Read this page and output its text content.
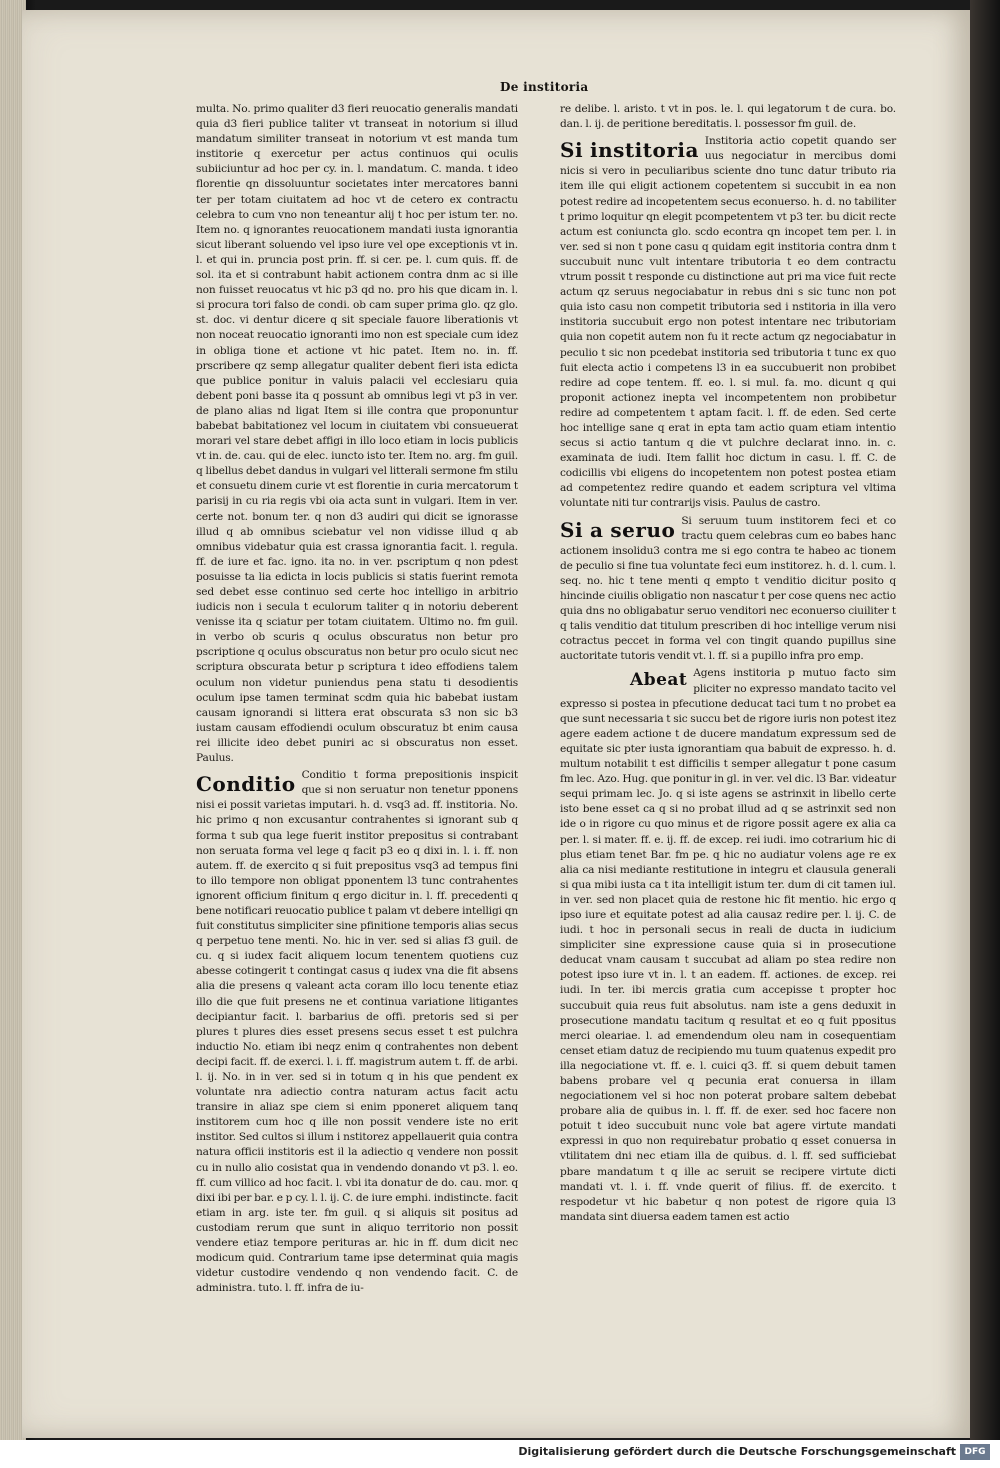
De institoria

multa. No. primo qualiter d3 fieri reuocatio generalis mandati quia d3 fieri publice taliter vt transeat in notorium si illud mandatum similiter transeat in notorium vt est manda tum institorie q exercetur per actus continuos qui oculis subiiciuntur ad hoc per cy. in. l. mandatum. C. manda. t ideo florentie qn dissoluuntur societates inter mercatores banni ter per totam ciuitatem ad hoc vt de cetero ex contractu celebra to cum vno non teneantur alij t hoc per istum ter. no. Item no. q ignorantes reuocationem mandati iusta ignorantia sicut liberant soluendo vel ipso iure vel ope exceptionis vt in. l. et qui in. pruncia post prin. ff. si cer. pe. l. cum quis. ff. de sol. ita et si contrabunt habit actionem contra dnm ac si ille non fuisset reuocatus vt hic p3 qd no. pro his que dicam in. l. si procura tori falso de condi. ob cam super prima glo. qz glo. st. doc. vi dentur dicere q sit speciale fauore liberationis vt non noceat reuocatio ignoranti imo non est speciale cum idez in obliga tione et actione vt hic patet. Item no. in. ff. prscribere qz semp allegatur qualiter debent fieri ista edicta que publice ponitur in valuis palacii vel ecclesiaru quia debent poni basse ita q possunt ab omnibus legi vt p3 in ver. de plano alias nd ligat Item si ille contra que proponuntur babebat babitationez vel locum in ciuitatem vbi consueuerat morari vel stare debet affigi in illo loco etiam in locis publicis vt in. de. cau. qui de elec. iuncto isto ter. Item no. arg. fm guil. q libellus debet dandus in vulgari vel litterali sermone fm stilu et consuetu dinem curie vt est florentie in curia mercatorum t parisij in cu ria regis vbi oia acta sunt in vulgari. Item in ver. certe not. bonum ter. q non d3 audiri qui dicit se ignorasse illud q ab omnibus sciebatur vel non vidisse illud q ab omnibus videbatur quia est crassa ignorantia facit. l. regula. ff. de iure et fac. igno. ita no. in ver. pscriptum q non pdest posuisse ta lia edicta in locis publicis si statis fuerint remota sed debet esse continuo sed certe hoc intelligo in arbitrio iudicis non i secula t eculorum taliter q in notoriu deberent venisse ita q sciatur per totam ciuitatem. Ultimo no. fm guil. in verbo ob scuris q oculus obscuratus non betur pro pscriptione q oculus obscuratus non betur pro oculo sicut nec scriptura obscurata betur p scriptura t ideo effodiens talem oculum non videtur puniendus pena statu ti desodientis oculum ipse tamen terminat scdm quia hic babebat iustam causam ignorandi si littera erat obscurata s3 non sic b3 iustam causam effodiendi oculum obscuratuz bt enim causa rei illicite ideo debet puniri ac si obscuratus non esset. Paulus.

Conditio Conditio t forma prepositionis inspicit que si non seruatur non tenetur pponens nisi ei possit varietas imputari. h. d. vsq3 ad. ff. institoria. No. hic primo q non excusantur contrahentes si ignorant sub q forma t sub qua lege fuerit institor prepositus si contrabant non seruata forma vel lege q facit p3 eo q dixi in. l. i. ff. non autem. ff. de exercito q si fuit prepositus vsq3 ad tempus fini to illo tempore non obligat pponentem l3 tunc contrahentes ignorent officium finitum q ergo dicitur in. l. ff. precedenti q bene notificari reuocatio publice t palam vt debere intelligi qn fuit constitutus simpliciter sine pfinitione temporis alias secus q perpetuo tene menti. No. hic in ver. sed si alias f3 guil. de cu. q si iudex facit aliquem locum tenentem quotiens cuz abesse cotingerit t contingat casus q iudex vna die fit absens alia die presens q valeant acta coram illo locu tenente etiaz illo die que fuit presens ne et continua variatione litigantes decipiantur facit. l. barbarius de offi. pretoris sed si per plures t plures dies esset presens secus esset t est pulchra inductio No. etiam ibi neqz enim q contrahentes non debent decipi facit. ff. de exerci. l. i. ff. magistrum autem t. ff. de arbi. l. ij. No. in in ver. sed si in totum q in his que pendent ex voluntate nra adiectio contra naturam actus facit actu transire in aliaz spe ciem si enim pponeret aliquem tanq institorem cum hoc q ille non possit vendere iste no erit institor. Sed cultos si illum i nstitorez appellauerit quia contra natura officii institoris est il la adiectio q vendere non possit cu in nullo alio cosistat qua in vendendo donando vt p3. l. eo. ff. cum villico ad hoc facit. l. vbi ita donatur de do. cau. mor. q dixi ibi per bar. e p cy. l. l. ij. C. de iure emphi. indistincte. facit etiam in arg. iste ter. fm guil. q si aliquis sit positus ad custodiam rerum que sunt in aliquo territorio non possit vendere etiaz tempore perituras ar. hic in ff. dum dicit nec modicum quid. Contrarium tame ipse determinat quia magis videtur custodire vendendo q non vendendo facit. C. de administra. tuto. l. ff. infra de iu-

re delibe. l. aristo. t vt in pos. le. l. qui legatorum t de cura. bo. dan. l. ij. de peritione bereditatis. l. possessor fm guil. de.

Si institoria Institoria actio copetit quando ser uus negociatur in mercibus domi nicis si vero in peculiaribus sciente dno tunc datur tributo ria item ille qui eligit actionem copetentem si succubit in ea non potest redire ad incopetentem secus econuerso. h. d. no tabiliter t primo loquitur qn elegit pcompetentem vt p3 ter. bu dicit recte actum est coniuncta glo. scdo econtra qn incopet tem per. l. in ver. sed si non t pone casu q quidam egit institoria contra dnm t succubuit nunc vult intentare tributoria t eo dem contractu vtrum possit t responde cu distinctione aut pri ma vice fuit recte actum qz seruus negociabatur in rebus dni s sic tunc non pot quia isto casu non competit tributoria sed i nstitoria in illa vero institoria succubuit ergo non potest intentare nec tributoriam quia non copetit autem non fu it recte actum qz negociabatur in peculio t sic non pcedebat institoria sed tributoria t tunc ex quo fuit electa actio i competens l3 in ea succubuerit non probibet redire ad cope tentem. ff. eo. l. si mul. fa. mo. dicunt q qui proponit actionez inepta vel incompetentem non probibetur redire ad competentem t aptam facit. l. ff. de eden. Sed certe hoc intellige sane q erat in epta tam actio quam etiam intentio secus si actio tantum q die vt pulchre declarat inno. in. c. examinata de iudi. Item fallit hoc dictum in casu. l. ff. C. de codicillis vbi eligens do incopetentem non potest postea etiam ad competentez redire quando et eadem scriptura vel vltima voluntate niti tur contrarijs visis. Paulus de castro.
Si a seruo Si seruum tuum institorem feci et co tractu quem celebras cum eo babes hanc actionem insolidu3 contra me si ego contra te habeo ac tionem de peculio si fine tua voluntate feci eum institorez. h. d. l. cum. l. seq. no. hic t tene menti q empto t venditio dicitur posito q hincinde ciuilis obligatio non nascatur t per cose quens nec actio quia dns no obligabatur seruo venditori nec econuerso ciuiliter t q talis venditio dat titulum prescriben di hoc intellige verum nisi cotractus peccet in forma vel con tingit quando pupillus sine auctoritate tutoris vendit vt. l. ff. si a pupillo infra pro emp.
Abeat Agens institoria p mutuo facto sim pliciter no expresso mandato tacito vel expresso si postea in pfecutione deducat taci tum t no probet ea que sunt necessaria t sic succu bet de rigore iuris non potest itez agere eadem actione t de ducere mandatum expressum sed de equitate sic pter iusta ignorantiam qua babuit de expresso. h. d. multum notabilit t est difficilis t semper allegatur t pone casum fm lec. Azo. Hug. que ponitur in gl. in ver. vel dic. l3 Bar. videatur sequi primam lec. Jo. q si iste agens se astrinxit in libello certe isto bene esset ca q si no probat illud ad q se astrinxit sed non ide o in rigore cu quo minus et de rigore possit agere ex alia ca per. l. si mater. ff. e. ij. ff. de excep. rei iudi. imo cotrarium hic di plus etiam tenet Bar. fm pe. q hic no audiatur volens age re ex alia ca nisi mediante restitutione in integru et clausula generali si qua mibi iusta ca t ita intelligit istum ter. dum di cit tamen iul. in ver. sed non placet quia de restone hic fit mentio. hic ergo q ipso iure et equitate potest ad alia causaz redire per. l. ij. C. de iudi. t hoc in personali secus in reali de ducta in iudicium simpliciter sine expressione cause quia si in prosecutione deducat vnam causam t succubat ad aliam po stea redire non potest ipso iure vt in. l. t an eadem. ff. actiones. de excep. rei iudi. In ter. ibi mercis gratia cum accepisse t propter hoc succubuit quia reus fuit absolutus. nam iste a gens deduxit in prosecutione mandatu tacitum q resultat et eo q fuit ppositus merci oleariae. l. ad emendendum oleu nam in cosequentiam censet etiam datuz de recipiendo mu tuum quatenus expedit pro illa negociatione vt. ff. e. l. cuici q3. ff. si quem debuit tamen babens probare vel q pecunia erat conuersa in illam negociationem vel si hoc non poterat probare saltem debebat probare alia de quibus in. l. ff. ff. de exer. sed hoc facere non potuit t ideo succubuit nunc vole bat agere virtute mandati expressi in quo non requirebatur probatio q esset conuersa in vtilitatem dni nec etiam illa de quibus. d. l. ff. sed sufficiebat pbare mandatum t q ille ac seruit se recipere virtute dicti mandati vt. l. i. ff. vnde querit of filius. ff. de exercito. t respodetur vt hic babetur q non potest de rigore quia l3 mandata sint diuersa eadem tamen est actio
Digitalisierung gefördert durch die Deutsche Forschungsgemeinschaft DFG
